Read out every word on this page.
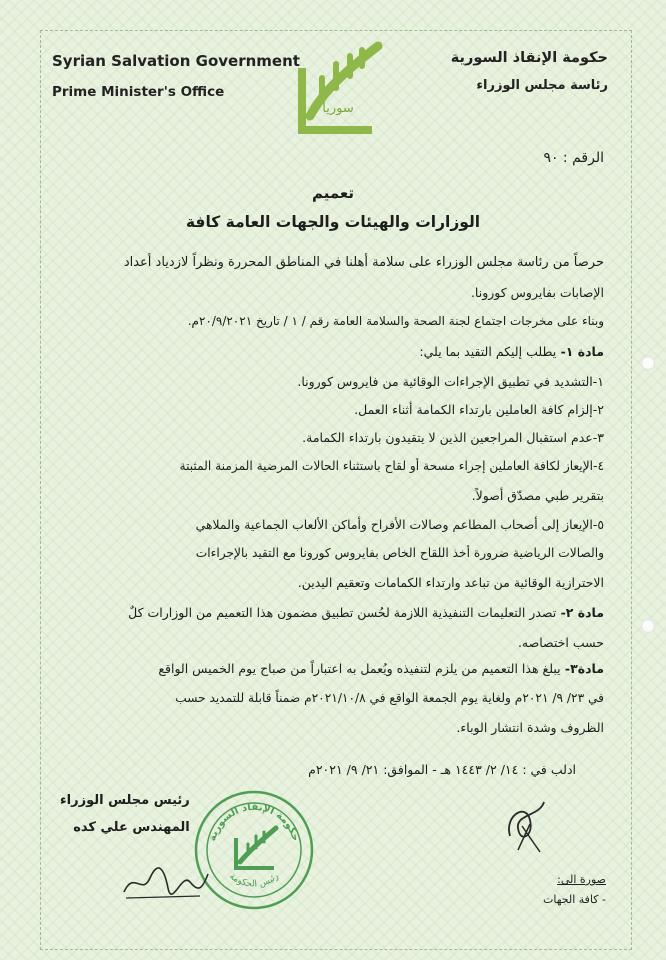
Syrian Salvation Government
Prime Minister's Office
سوريا
حكومة الإنقاذ السورية
رئاسة مجلس الوزراء
الرقم : ٩٠
تعميم
الوزارات والهيئات والجهات العامة كافة
حرصاً من رئاسة مجلس الوزراء على سلامة أهلنا في المناطق المحررة ونظراً لازدياد أعداد
الإصابات بفايروس كورونا.
وبناء على مخرجات اجتماع لجنة الصحة والسلامة العامة رقم / ١ / تاريخ ٢٠/٩/٢٠٢١م.
مادة ١- يطلب إليكم التقيد بما يلي:
١-التشديد في تطبيق الإجراءات الوقائية من فايروس كورونا.
٢-إلزام كافة العاملين بارتداء الكمامة أثناء العمل.
٣-عدم استقبال المراجعين الذين لا يتقيدون بارتداء الكمامة.
٤-الإيعاز لكافة العاملين إجراء مسحة أو لقاح باستثناء الحالات المرضية المزمنة المثبتة
بتقرير طبي مصدّق أصولاً.
٥-الإيعاز إلى أصحاب المطاعم وصالات الأفراح وأماكن الألعاب الجماعية والملاهي
والصالات الرياضية ضرورة أخذ اللقاح الخاص بفايروس كورونا مع التقيد بالإجراءات
الاحترازية الوقائية من تباعد وارتداء الكمامات وتعقيم اليدين.
مادة ٢- تصدر التعليمات التنفيذية اللازمة لحُسن تطبيق مضمون هذا التعميم من الوزارات كلٌ
حسب اختصاصه.
مادة٣- يبلغ هذا التعميم من يلزم لتنفيذه ويُعمل به اعتباراً من صباح يوم الخميس الواقع
في ٢٣/ ٩/ ٢٠٢١م ولغاية يوم الجمعة الواقع في ٢٠٢١/١٠/٨م ضمناً قابلة للتمديد حسب
الظروف وشدة انتشار الوباء.
ادلب في : ١٤/ ٢/ ١٤٤٣ هـ - الموافق: ٢١/ ٩/ ٢٠٢١م
رئيس مجلس الوزراء
المهندس علي كده
حكومة الإنقاذ السورية
رئيس الحكومة	صورة الى:
- كافة الجهات
